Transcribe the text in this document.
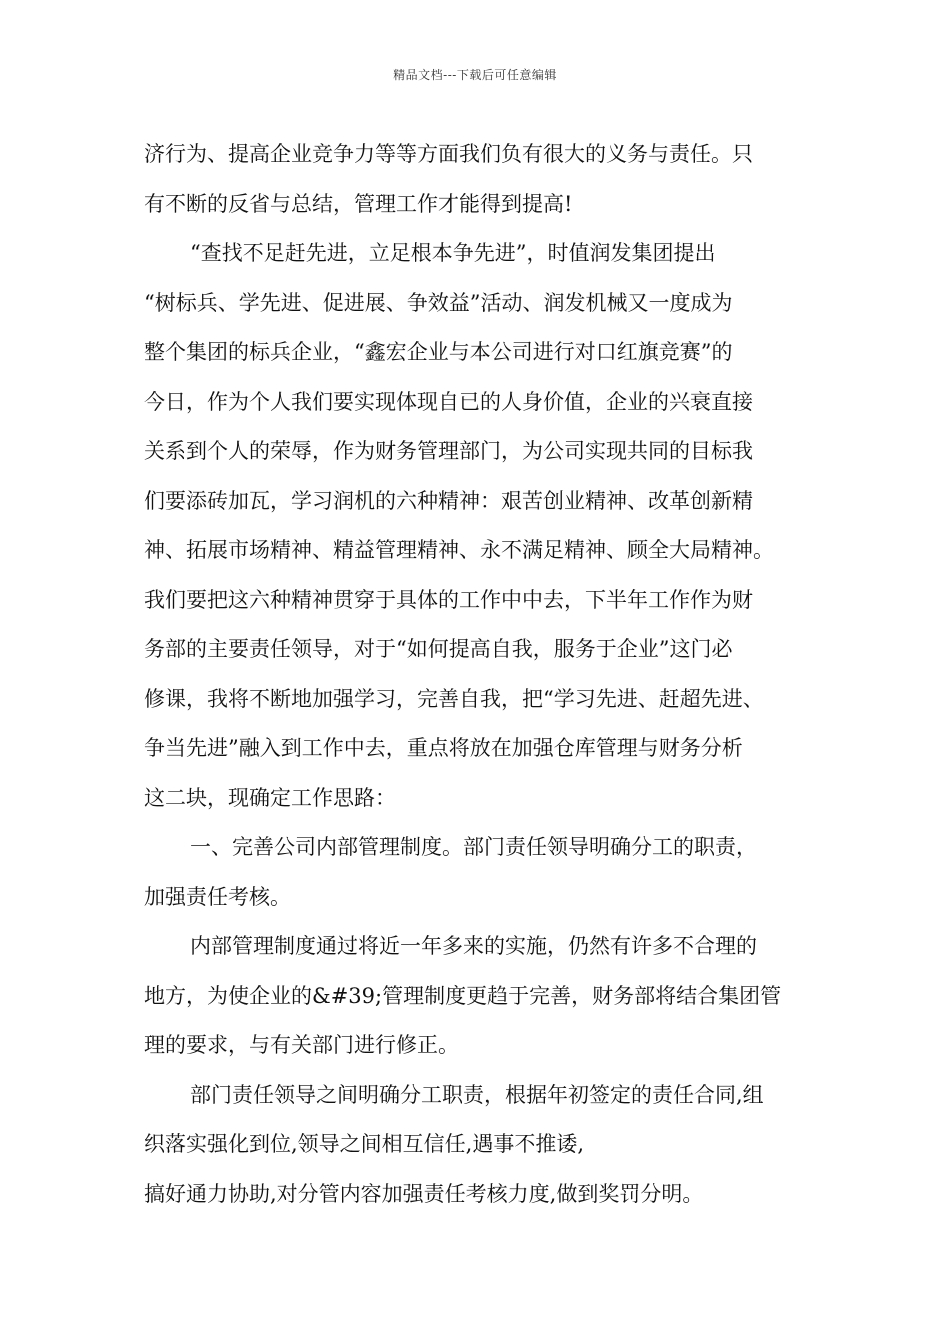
精品文档---下载后可任意编辑
济行为、提高企业竞争力等等方面我们负有很大的义务与责任。只
有不断的反省与总结，管理工作才能得到提高!
“查找不足赶先进，立足根本争先进”，时值润发集团提出
“树标兵、学先进、促进展、争效益”活动、润发机械又一度成为
整个集团的标兵企业，“鑫宏企业与本公司进行对口红旗竞赛”的
今日，作为个人我们要实现体现自已的人身价值，企业的兴衰直接
关系到个人的荣辱，作为财务管理部门，为公司实现共同的目标我
们要添砖加瓦，学习润机的六种精神：艰苦创业精神、改革创新精
神、拓展市场精神、精益管理精神、永不满足精神、顾全大局精神。
我们要把这六种精神贯穿于具体的工作中中去，下半年工作作为财
务部的主要责任领导，对于“如何提高自我，服务于企业”这门必
修课，我将不断地加强学习，完善自我，把“学习先进、赶超先进、
争当先进”融入到工作中去，重点将放在加强仓库管理与财务分析
这二块，现确定工作思路：
一、完善公司内部管理制度。部门责任领导明确分工的职责，
加强责任考核。
内部管理制度通过将近一年多来的实施，仍然有许多不合理的
地方，为使企业的&#39;管理制度更趋于完善，财务部将结合集团管
理的要求，与有关部门进行修正。
部门责任领导之间明确分工职责，根据年初签定的责任合同,组
织落实强化到位,领导之间相互信任,遇事不推诿,
搞好通力协助,对分管内容加强责任考核力度,做到奖罚分明。
